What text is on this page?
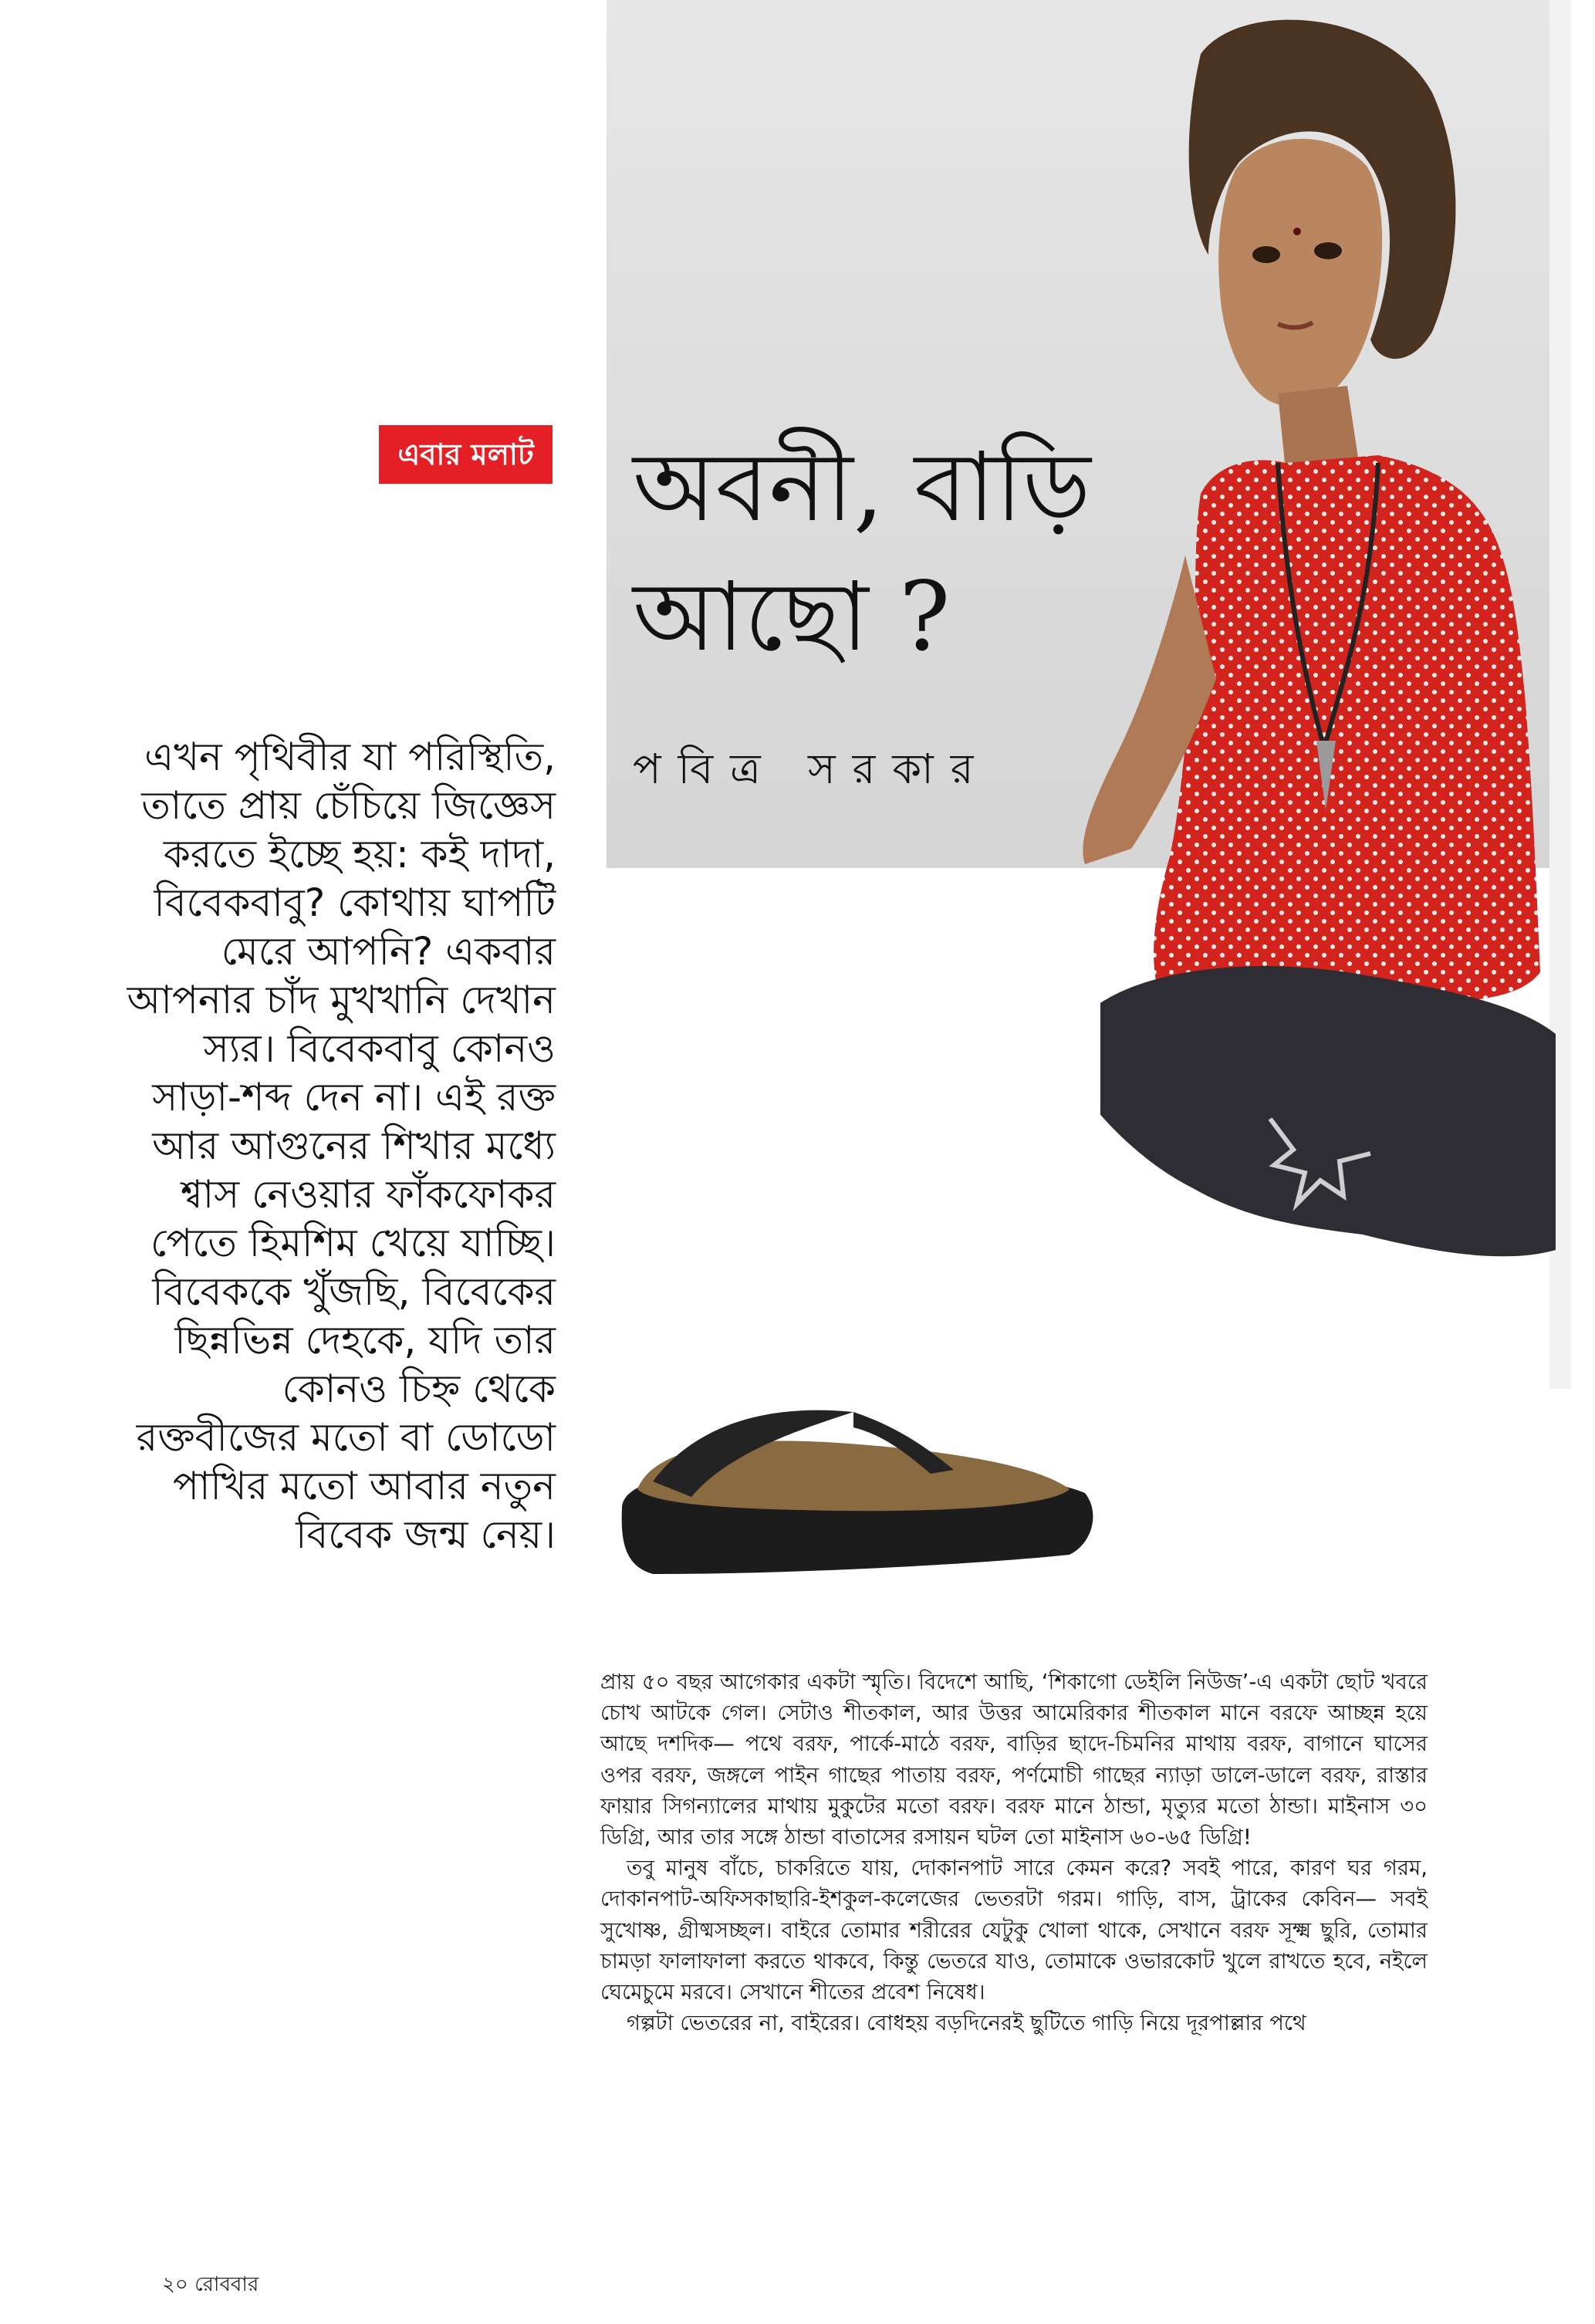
এবার মলাট অবনী, বাড়ি
আছো ?
পবিত্র সরকার
এখন পৃথিবীর যা পরিস্থিতি, তাতে প্রায় চেঁচিয়ে জিজ্ঞেস করতে ইচ্ছে হয়: কই দাদা, বিবেকবাবু? কোথায় ঘাপটি মেরে আপনি? একবার আপনার চাঁদ মুখখানি দেখান স্যর। বিবেকবাবু কোনও সাড়া-শব্দ দেন না। এই রক্ত আর আগুনের শিখার মধ্যে শ্বাস নেওয়ার ফাঁকফোকর পেতে হিমশিম খেয়ে যাচ্ছি। বিবেককে খুঁজছি, বিবেকের ছিন্নভিন্ন দেহকে, যদি তার কোনও চিহ্ন থেকে রক্তবীজের মতো বা ডোডো পাখির মতো আবার নতুন বিবেক জন্ম নেয়।

প্রায় ৫০ বছর আগেকার একটা স্মৃতি। বিদেশে আছি, ‘শিকাগো ডেইলি নিউজ’-এ একটা ছোট খবরে চোখ আটকে গেল। সেটাও শীতকাল, আর উত্তর আমেরিকার শীতকাল মানে বরফে আচ্ছন্ন হয়ে আছে দশদিক— পথে বরফ, পার্কে-মাঠে বরফ, বাড়ির ছাদে-চিমনির মাথায় বরফ, বাগানে ঘাসের ওপর বরফ, জঙ্গলে পাইন গাছের পাতায় বরফ, পর্ণমোচী গাছের ন্যাড়া ডালে-ডালে বরফ, রাস্তার ফায়ার সিগন্যালের মাথায় মুকুটের মতো বরফ। বরফ মানে ঠান্ডা, মৃত্যুর মতো ঠান্ডা। মাইনাস ৩০ ডিগ্রি, আর তার সঙ্গে ঠান্ডা বাতাসের রসায়ন ঘটল তো মাইনাস ৬০-৬৫ ডিগ্রি!

তবু মানুষ বাঁচে, চাকরিতে যায়, দোকানপাট সারে কেমন করে? সবই পারে, কারণ ঘর গরম, দোকানপাট-অফিসকাছারি-ইশকুল-কলেজের ভেতরটা গরম। গাড়ি, বাস, ট্রাকের কেবিন— সবই সুখোষ্ণ, গ্রীষ্মসচ্ছল। বাইরে তোমার শরীরের যেটুকু খোলা থাকে, সেখানে বরফ সূক্ষ্ম ছুরি, তোমার চামড়া ফালাফালা করতে থাকবে, কিন্তু ভেতরে যাও, তোমাকে ওভারকোট খুলে রাখতে হবে, নইলে ঘেমেচুমে মরবে। সেখানে শীতের প্রবেশ নিষেধ।

গল্পটা ভেতরের না, বাইরের। বোধহয় বড়দিনেরই ছুটিতে গাড়ি নিয়ে দূরপাল্লার পথে

২০ রোববার
